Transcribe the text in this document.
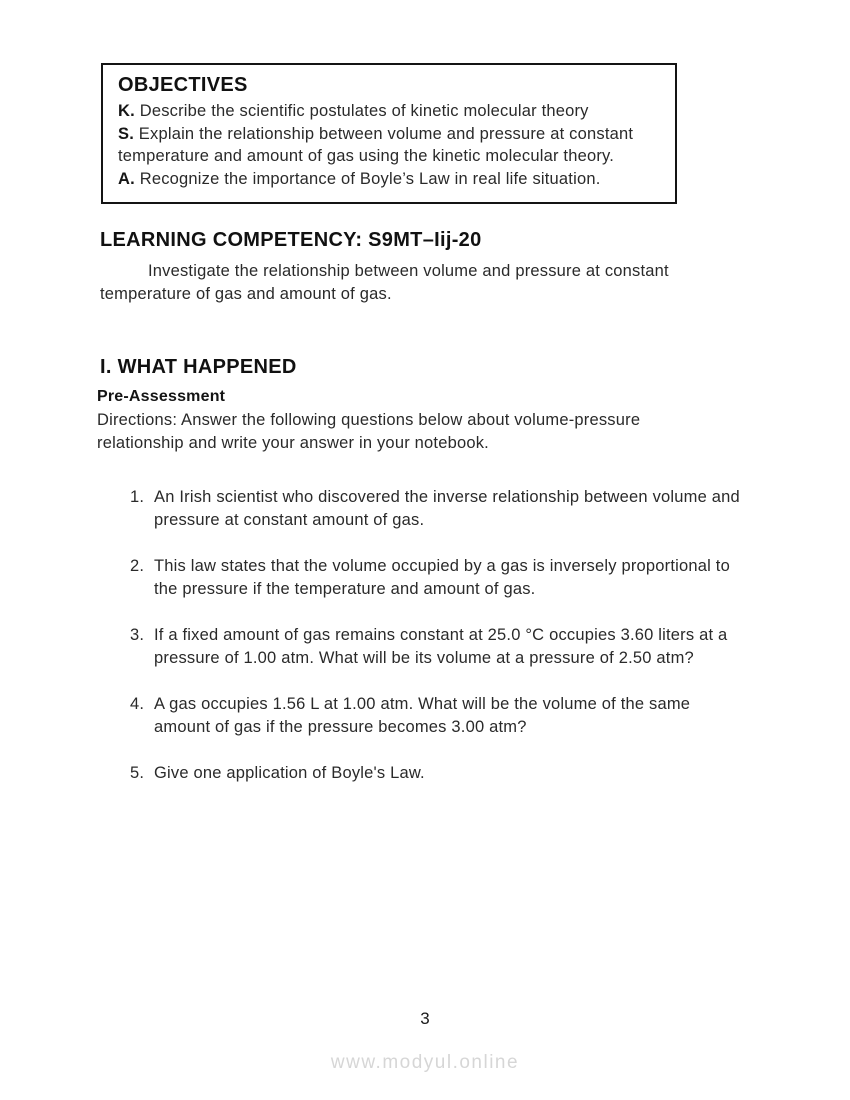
OBJECTIVES
K. Describe the scientific postulates of kinetic molecular theory
S. Explain the relationship between volume and pressure at constant temperature and amount of gas using the kinetic molecular theory.
A. Recognize the importance of Boyle’s Law in real life situation.
LEARNING COMPETENCY: S9MT–Iij-20
Investigate the relationship between volume and pressure at constant temperature of gas and amount of gas.
I. WHAT HAPPENED
Pre-Assessment
Directions: Answer the following questions below about volume-pressure relationship and write your answer in your notebook.
1. An Irish scientist who discovered the inverse relationship between volume and pressure at constant amount of gas.
2. This law states that the volume occupied by a gas is inversely proportional to the pressure if the temperature and amount of gas.
3. If a fixed amount of gas remains constant at 25.0 °C occupies 3.60 liters at a pressure of 1.00 atm. What will be its volume at a pressure of 2.50 atm?
4. A gas occupies 1.56 L at 1.00 atm. What will be the volume of the same amount of gas if the pressure becomes 3.00 atm?
5. Give one application of Boyle's Law.
3
www.modyul.online
